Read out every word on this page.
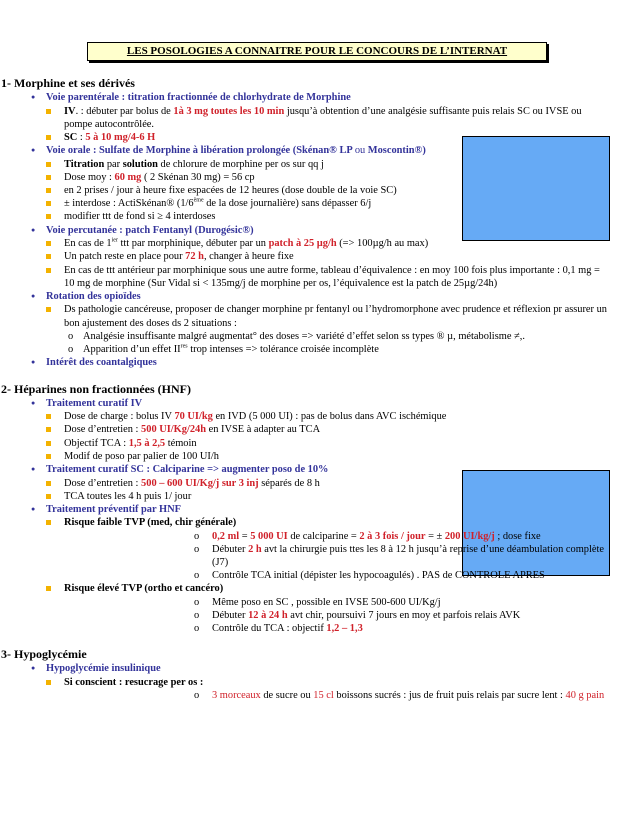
LES POSOLOGIES A CONNAITRE POUR LE CONCOURS DE L’INTERNAT
1- Morphine et ses dérivés
● Voie parentérale : titration fractionnée de chlorhydrate de Morphine
IV. : débuter par bolus de 1à 3 mg toutes les 10 min jusqu’à obtention d’une analgésie suffisante puis relais SC ou IVSE ou pompe autocontrôlée.
SC : 5 à 10 mg/4-6 H
● Voie orale : Sulfate de Morphine à libération prolongée (Skénan® LP ou Moscontin®)
Titration par solution de chlorure de morphine per os sur qq j
Dose moy : 60 mg ( 2 Skénan 30 mg) = 56 cp
en 2 prises / jour à heure fixe espacées de 12 heures (dose double de la voie SC)
± interdose : ActiSkénan® (1/6ème de la dose journalière) sans dépasser 6/j
modifier ttt de fond si ≥ 4 interdoses
● Voie percutanée : patch Fentanyl (Durogésic®)
En cas de $1^{ier}$ ttt par morphinique, débuter par un patch à 25 µg/h (=> 100µg/h au max)
Un patch reste en place pour 72 h, changer à heure fixe
En cas de ttt antérieur par morphinique sous une autre forme, tableau d’équivalence : en moy 100 fois plus importante : 0,1 mg = 10 mg de morphine (Sur Vidal si < 135mg/j de morphine per os, l’équivalence est la patch de 25µg/24h)
● Rotation des opioïdes
Ds pathologie cancéreuse, proposer de changer morphine pr fentanyl ou l’hydromorphone avec prudence et réflexion pr assurer un bon ajustement des doses ds 2 situations :
o Analgésie insuffisante malgré augmentat° des doses => variété d’effet selon ss types ® µ, métabolisme ≠,.
o Apparition d’un effet IIres trop intenses => tolérance croisée incomplète
● Intérêt des coantalgiques
2- Héparines non fractionnées (HNF)
● Traitement curatif IV
Dose de charge : bolus IV 70 UI/kg en IVD (5 000 UI) : pas de bolus dans AVC ischémique
Dose d’entretien : 500 UI/Kg/24h en IVSE à adapter au TCA
Objectif TCA : 1,5 à 2,5 témoin
Modif de poso par palier de 100 UI/h
● Traitement curatif SC : Calciparine => augmenter poso de 10%
Dose d’entretien : 500 – 600 UI/Kg/j sur 3 inj séparés de 8 h
TCA toutes les 4 h puis 1/ jour
● Traitement préventif par HNF
Risque faible TVP (med, chir générale)
o 0,2 ml = 5 000 UI de calciparine = 2 à 3 fois / jour = ± 200 UI/kg/j ; dose fixe
o Débuter 2 h avt la chirurgie puis ttes les 8 à 12 h jusqu’à reprise d’une déambulation complète (J7)
o Contrôle TCA initial (dépister les hypocoagulés) . PAS de CONTROLE APRES
Risque élevé TVP (ortho et cancéro)
o Même poso en SC , possible en IVSE 500-600 UI/Kg/j
o Débuter 12 à 24 h avt chir, poursuivi 7 jours en moy et parfois relais AVK
o Contrôle du TCA : objectif 1,2 – 1,3
3- Hypoglycémie
● Hypoglycémie insulinique
Si conscient : resucrage per os :
o 3 morceaux de sucre ou 15 cl boissons sucrés : jus de fruit puis relais par sucre lent : 40 g pain
